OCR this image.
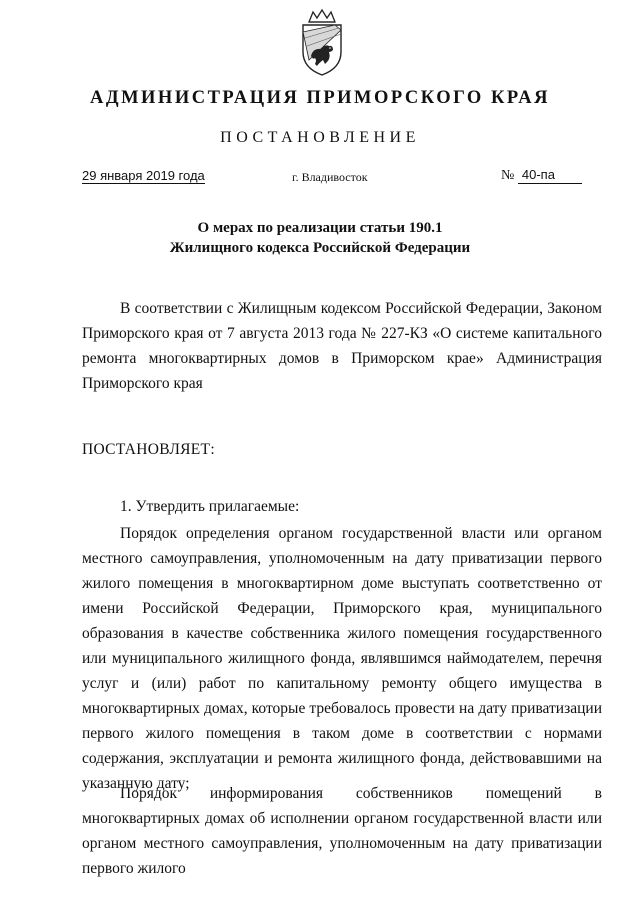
АДМИНИСТРАЦИЯ ПРИМОРСКОГО КРАЯ
ПОСТАНОВЛЕНИЕ
29 января 2019 года	г. Владивосток	№ 40-па
О мерах по реализации статьи 190.1
Жилищного кодекса Российской Федерации
В соответствии с Жилищным кодексом Российской Федерации, Законом Приморского края от 7 августа 2013 года № 227-КЗ «О системе капитального ремонта многоквартирных домов в Приморском крае» Администрация Приморского края
ПОСТАНОВЛЯЕТ:
1. Утвердить прилагаемые:
Порядок определения органом государственной власти или органом местного самоуправления, уполномоченным на дату приватизации первого жилого помещения в многоквартирном доме выступать соответственно от имени Российской Федерации, Приморского края, муниципального образования в качестве собственника жилого помещения государственного или муниципального жилищного фонда, являвшимся наймодателем, перечня услуг и (или) работ по капитальному ремонту общего имущества в многоквартирных домах, которые требовалось провести на дату приватизации первого жилого помещения в таком доме в соответствии с нормами содержания, эксплуатации и ремонта жилищного фонда, действовавшими на указанную дату;
Порядок информирования собственников помещений в многоквартирных домах об исполнении органом государственной власти или органом местного самоуправления, уполномоченным на дату приватизации первого жилого
